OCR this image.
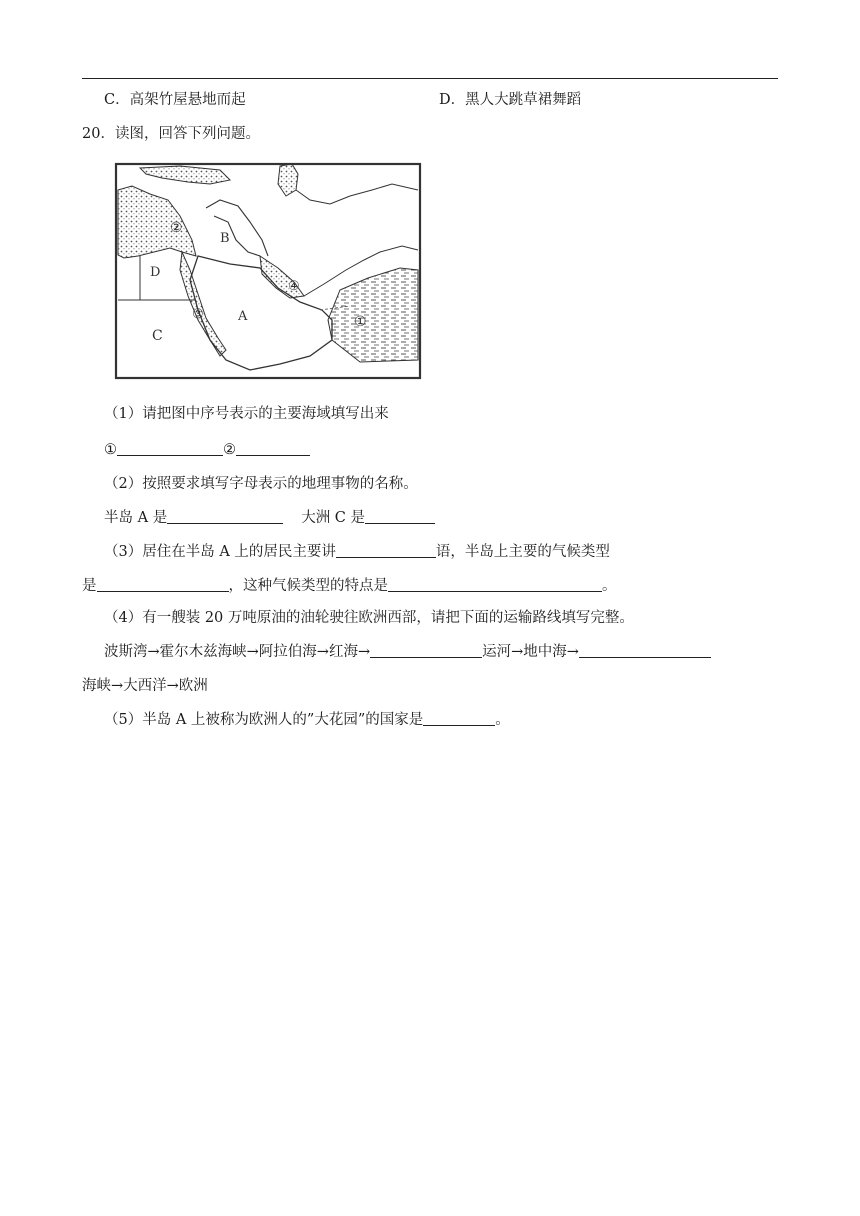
C．高架竹屋悬地而起	D．黑人大跳草裙舞蹈
20．读图，回答下列问题。
②
B
D
④
③	A
C
①
（1）请把图中序号表示的主要海域填写出来
①	②
（2）按照要求填写字母表示的地理事物的名称。
半岛 A 是	大洲 C 是
（3）居住在半岛 A 上的居民主要讲	语，半岛上主要的气候类型
是	，这种气候类型的特点是	。
（4）有一艘装 20 万吨原油的油轮驶往欧洲西部，请把下面的运输路线填写完整。
波斯湾→霍尔木兹海峡→阿拉伯海→红海→	运河→地中海→
海峡→大西洋→欧洲
（5）半岛 A 上被称为欧洲人的”大花园”的国家是	。
